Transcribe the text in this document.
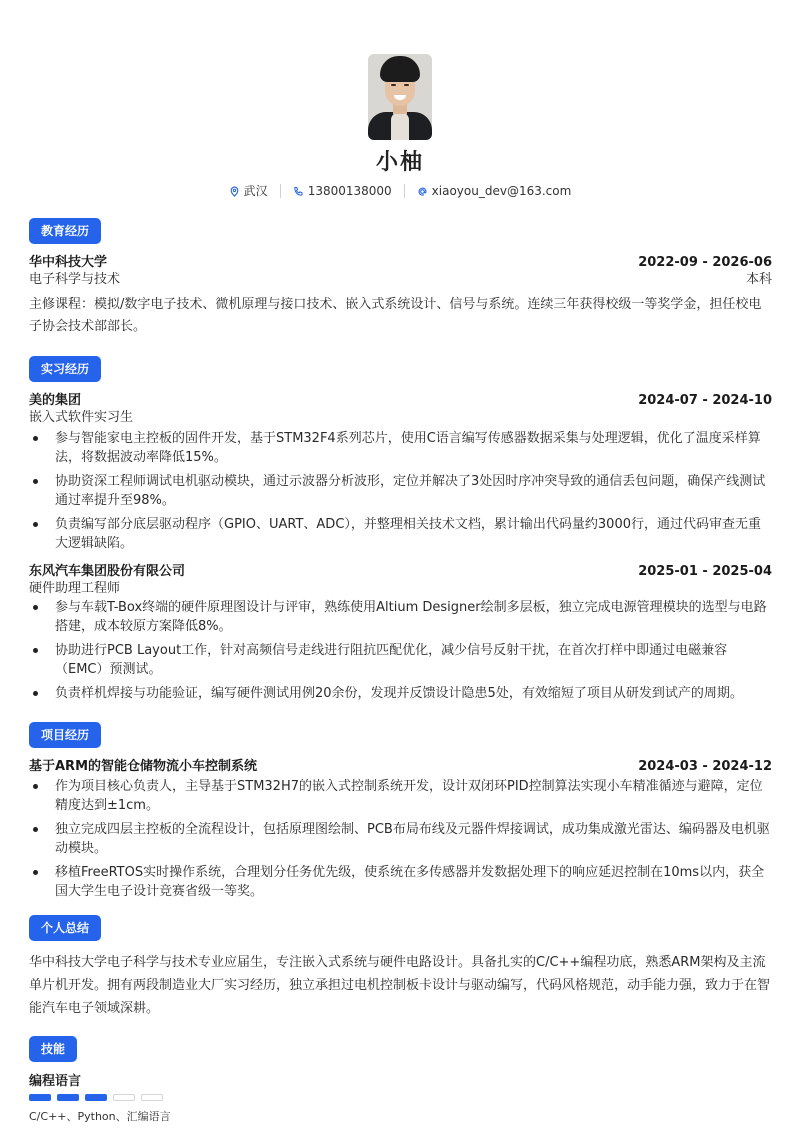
小柚
武汉	13800138000	xiaoyou_dev@163.com
教育经历
华中科技大学	2022-09 - 2026-06
电子科学与技术	本科
主修课程：模拟/数字电子技术、微机原理与接口技术、嵌入式系统设计、信号与系统。连续三年获得校级一等奖学金，担任校电子协会技术部部长。
实习经历
美的集团	2024-07 - 2024-10
嵌入式软件实习生
参与智能家电主控板的固件开发，基于STM32F4系列芯片，使用C语言编写传感器数据采集与处理逻辑，优化了温度采样算法，将数据波动率降低15%。
协助资深工程师调试电机驱动模块，通过示波器分析波形，定位并解决了3处因时序冲突导致的通信丢包问题，确保产线测试通过率提升至98%。
负责编写部分底层驱动程序（GPIO、UART、ADC），并整理相关技术文档，累计输出代码量约3000行，通过代码审查无重大逻辑缺陷。
东风汽车集团股份有限公司	2025-01 - 2025-04
硬件助理工程师
参与车载T-Box终端的硬件原理图设计与评审，熟练使用Altium Designer绘制多层板，独立完成电源管理模块的选型与电路搭建，成本较原方案降低8%。
协助进行PCB Layout工作，针对高频信号走线进行阻抗匹配优化，减少信号反射干扰，在首次打样中即通过电磁兼容（EMC）预测试。
负责样机焊接与功能验证，编写硬件测试用例20余份，发现并反馈设计隐患5处，有效缩短了项目从研发到试产的周期。
项目经历
基于ARM的智能仓储物流小车控制系统	2024-03 - 2024-12
作为项目核心负责人，主导基于STM32H7的嵌入式控制系统开发，设计双闭环PID控制算法实现小车精准循迹与避障，定位精度达到±1cm。
独立完成四层主控板的全流程设计，包括原理图绘制、PCB布局布线及元器件焊接调试，成功集成激光雷达、编码器及电机驱动模块。
移植FreeRTOS实时操作系统，合理划分任务优先级，使系统在多传感器并发数据处理下的响应延迟控制在10ms以内，获全国大学生电子设计竞赛省级一等奖。
个人总结
华中科技大学电子科学与技术专业应届生，专注嵌入式系统与硬件电路设计。具备扎实的C/C++编程功底，熟悉ARM架构及主流单片机开发。拥有两段制造业大厂实习经历，独立承担过电机控制板卡设计与驱动编写，代码风格规范，动手能力强，致力于在智能汽车电子领域深耕。
技能
编程语言
C/C++、Python、汇编语言
